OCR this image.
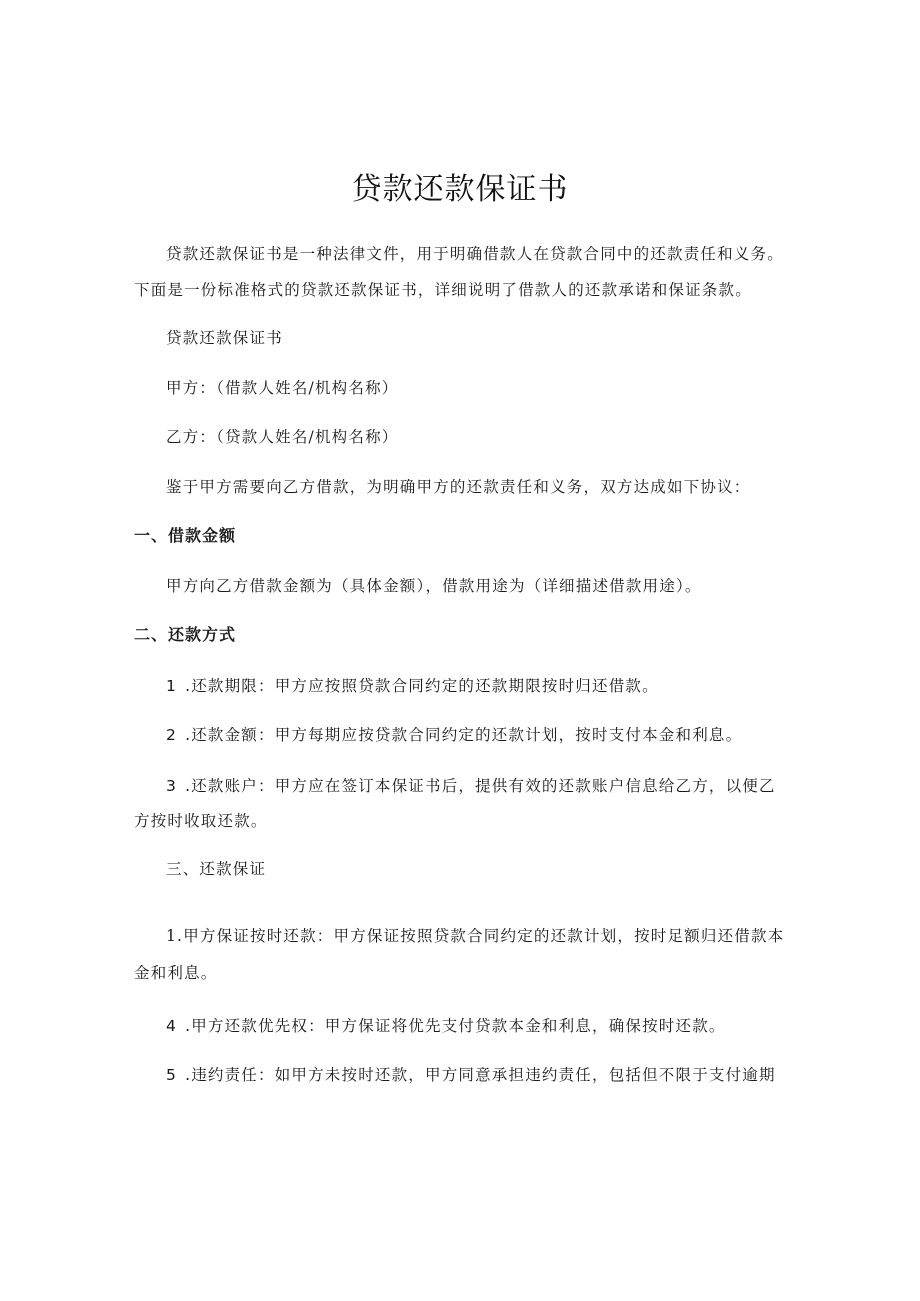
贷款还款保证书
贷款还款保证书是一种法律文件，用于明确借款人在贷款合同中的还款责任和义务。
下面是一份标准格式的贷款还款保证书，详细说明了借款人的还款承诺和保证条款。
贷款还款保证书
甲方：（借款人姓名/机构名称）
乙方：（贷款人姓名/机构名称）
鉴于甲方需要向乙方借款，为明确甲方的还款责任和义务，双方达成如下协议：
一、借款金额
甲方向乙方借款金额为（具体金额），借款用途为（详细描述借款用途）。
二、还款方式
1 .还款期限：甲方应按照贷款合同约定的还款期限按时归还借款。
2 .还款金额：甲方每期应按贷款合同约定的还款计划，按时支付本金和利息。
3 .还款账户：甲方应在签订本保证书后，提供有效的还款账户信息给乙方，以便乙
方按时收取还款。
三、还款保证
1.甲方保证按时还款：甲方保证按照贷款合同约定的还款计划，按时足额归还借款本
金和利息。
4 .甲方还款优先权：甲方保证将优先支付贷款本金和利息，确保按时还款。
5 .违约责任：如甲方未按时还款，甲方同意承担违约责任，包括但不限于支付逾期
